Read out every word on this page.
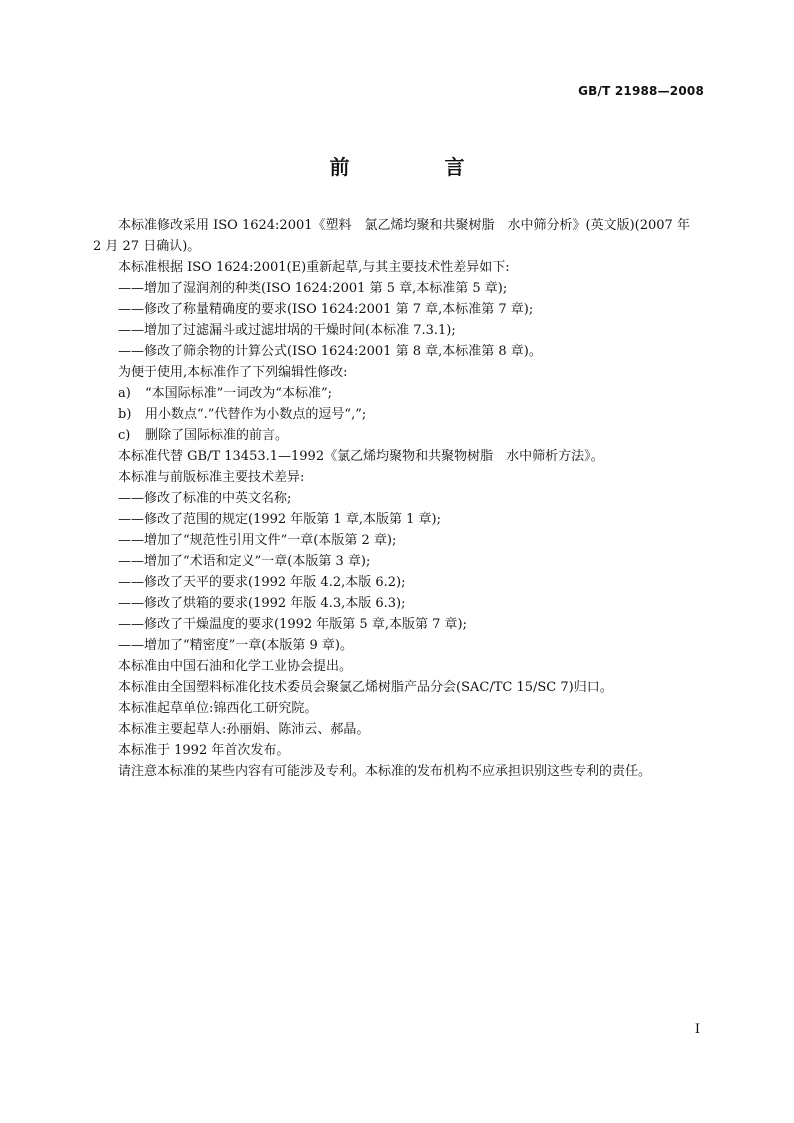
GB/T 21988—2008
前 言

本标准修改采用 ISO 1624:2001《塑料　氯乙烯均聚和共聚树脂　水中筛分析》(英文版)(2007 年

2 月 27 日确认)。

本标准根据 ISO 1624:2001(E)重新起草,与其主要技术性差异如下:

——增加了湿润剂的种类(ISO 1624:2001 第 5 章,本标准第 5 章);

——修改了称量精确度的要求(ISO 1624:2001 第 7 章,本标准第 7 章);

——增加了过滤漏斗或过滤坩埚的干燥时间(本标准 7.3.1);

——修改了筛余物的计算公式(ISO 1624:2001 第 8 章,本标准第 8 章)。

为便于使用,本标准作了下列编辑性修改:

a) “本国际标准”一词改为“本标准”;

b) 用小数点“.”代替作为小数点的逗号“,”;

c) 删除了国际标准的前言。

本标准代替 GB/T 13453.1—1992《氯乙烯均聚物和共聚物树脂　水中筛析方法》。

本标准与前版标准主要技术差异:

——修改了标准的中英文名称;

——修改了范围的规定(1992 年版第 1 章,本版第 1 章);

——增加了“规范性引用文件”一章(本版第 2 章);

——增加了“术语和定义”一章(本版第 3 章);

——修改了天平的要求(1992 年版 4.2,本版 6.2);

——修改了烘箱的要求(1992 年版 4.3,本版 6.3);

——修改了干燥温度的要求(1992 年版第 5 章,本版第 7 章);

——增加了“精密度”一章(本版第 9 章)。

本标准由中国石油和化学工业协会提出。

本标准由全国塑料标准化技术委员会聚氯乙烯树脂产品分会(SAC/TC 15/SC 7)归口。

本标准起草单位:锦西化工研究院。

本标准主要起草人:孙丽娟、陈沛云、郝晶。

本标准于 1992 年首次发布。

请注意本标准的某些内容有可能涉及专利。本标准的发布机构不应承担识别这些专利的责任。

I
